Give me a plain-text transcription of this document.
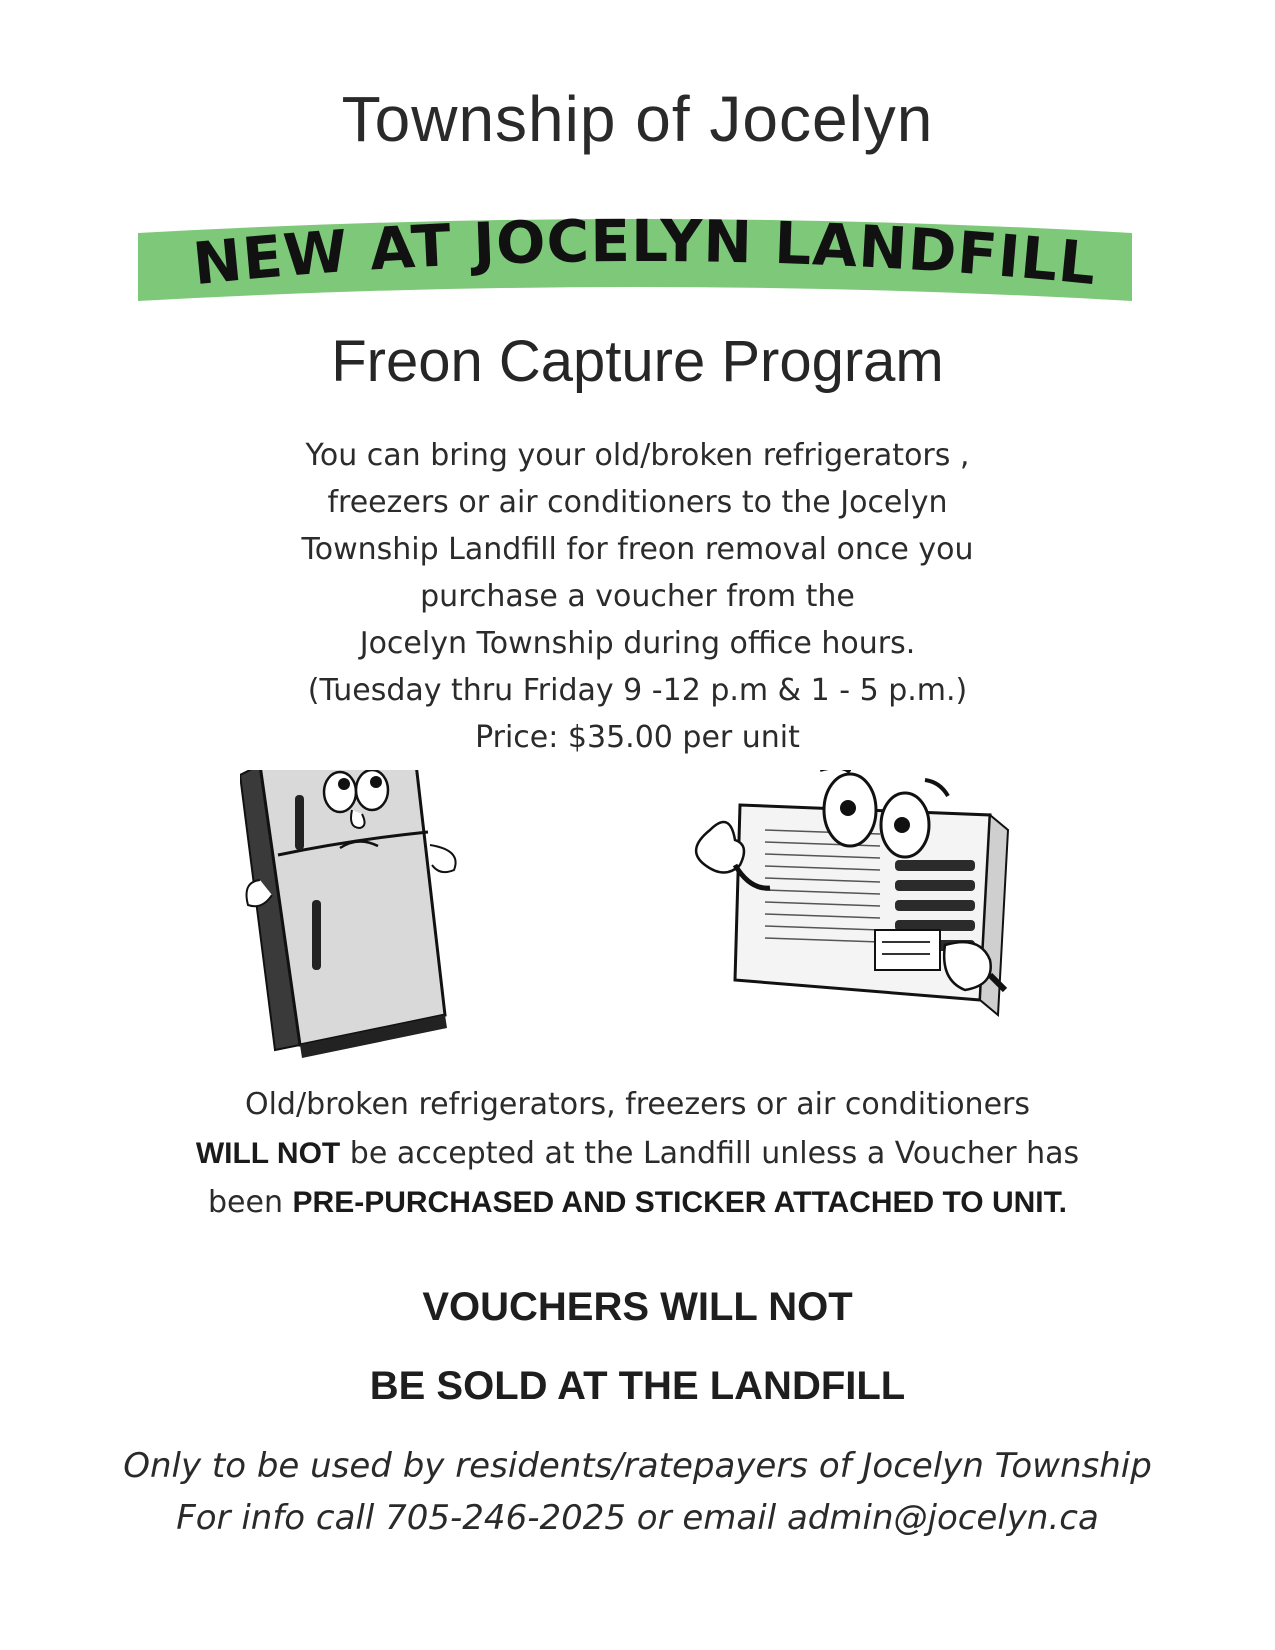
Township of Jocelyn
NEW AT JOCELYN LANDFILL
Freon Capture Program
You can bring your old/broken refrigerators ,
freezers or air conditioners to the Jocelyn
Township Landfill for freon removal once you
purchase a voucher from the
Jocelyn Township during office hours.
(Tuesday thru Friday 9 -12 p.m & 1 - 5 p.m.)
Price: $35.00 per unit
Old/broken refrigerators, freezers or air conditioners
WILL NOT be accepted at the Landfill unless a Voucher has
been PRE-PURCHASED AND STICKER ATTACHED TO UNIT.
VOUCHERS WILL NOT
BE SOLD AT THE LANDFILL
Only to be used by residents/ratepayers of Jocelyn Township
For info call 705-246-2025 or email admin@jocelyn.ca
